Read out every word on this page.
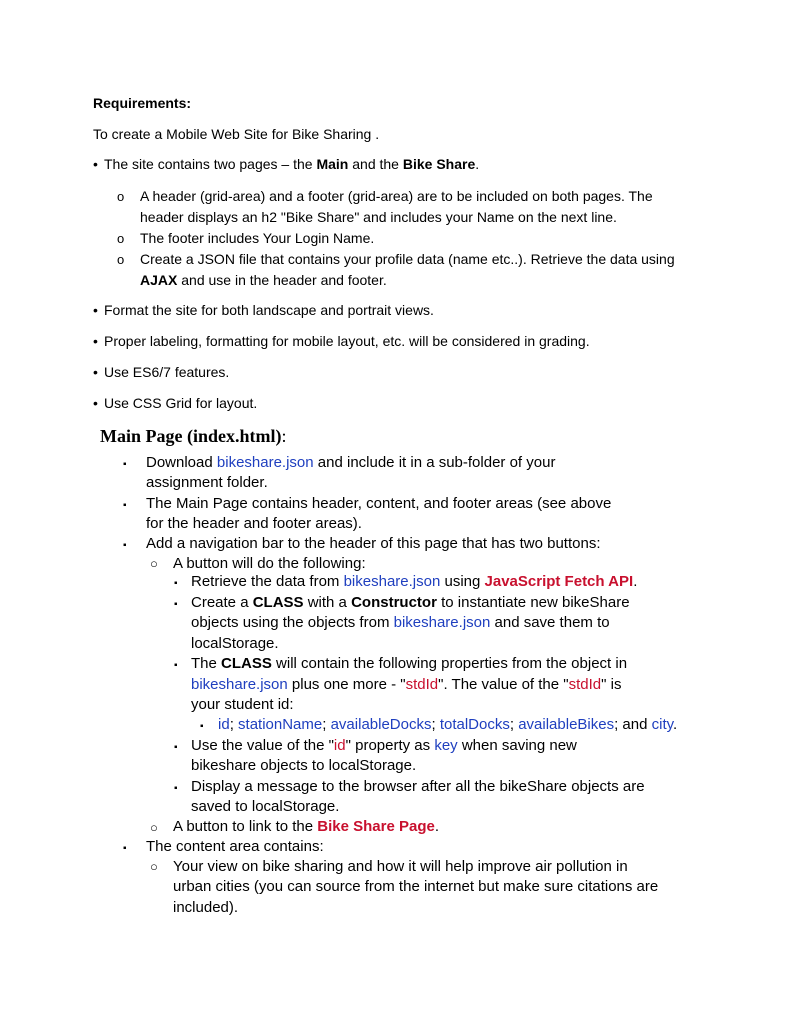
Requirements:
To create a Mobile Web Site for Bike Sharing .
• The site contains two pages – the Main and the Bike Share.
o A header (grid-area) and a footer (grid-area) are to be included on both pages. The
header displays an h2 "Bike Share" and includes your Name on the next line.
o The footer includes Your Login Name.
o Create a JSON file that contains your profile data (name etc..). Retrieve the data using
AJAX and use in the header and footer.
• Format the site for both landscape and portrait views.
• Proper labeling, formatting for mobile layout, etc. will be considered in grading.
• Use ES6/7 features.
• Use CSS Grid for layout.
Main Page (index.html):
▪ Download bikeshare.json and include it in a sub-folder of your
assignment folder.
▪ The Main Page contains header, content, and footer areas (see above
for the header and footer areas).
▪ Add a navigation bar to the header of this page that has two buttons:
○ A button will do the following:
▪ Retrieve the data from bikeshare.json using JavaScript Fetch API.
▪ Create a CLASS with a Constructor to instantiate new bikeShare
objects using the objects from bikeshare.json and save them to
localStorage.
▪ The CLASS will contain the following properties from the object in
bikeshare.json plus one more - "stdId". The value of the "stdId" is
your student id:
▪ id; stationName; availableDocks; totalDocks; availableBikes; and city.
▪ Use the value of the "id" property as key when saving new
bikeshare objects to localStorage.
▪ Display a message to the browser after all the bikeShare objects are
saved to localStorage.
○ A button to link to the Bike Share Page.
▪ The content area contains:
○ Your view on bike sharing and how it will help improve air pollution in
urban cities (you can source from the internet but make sure citations are
included).
